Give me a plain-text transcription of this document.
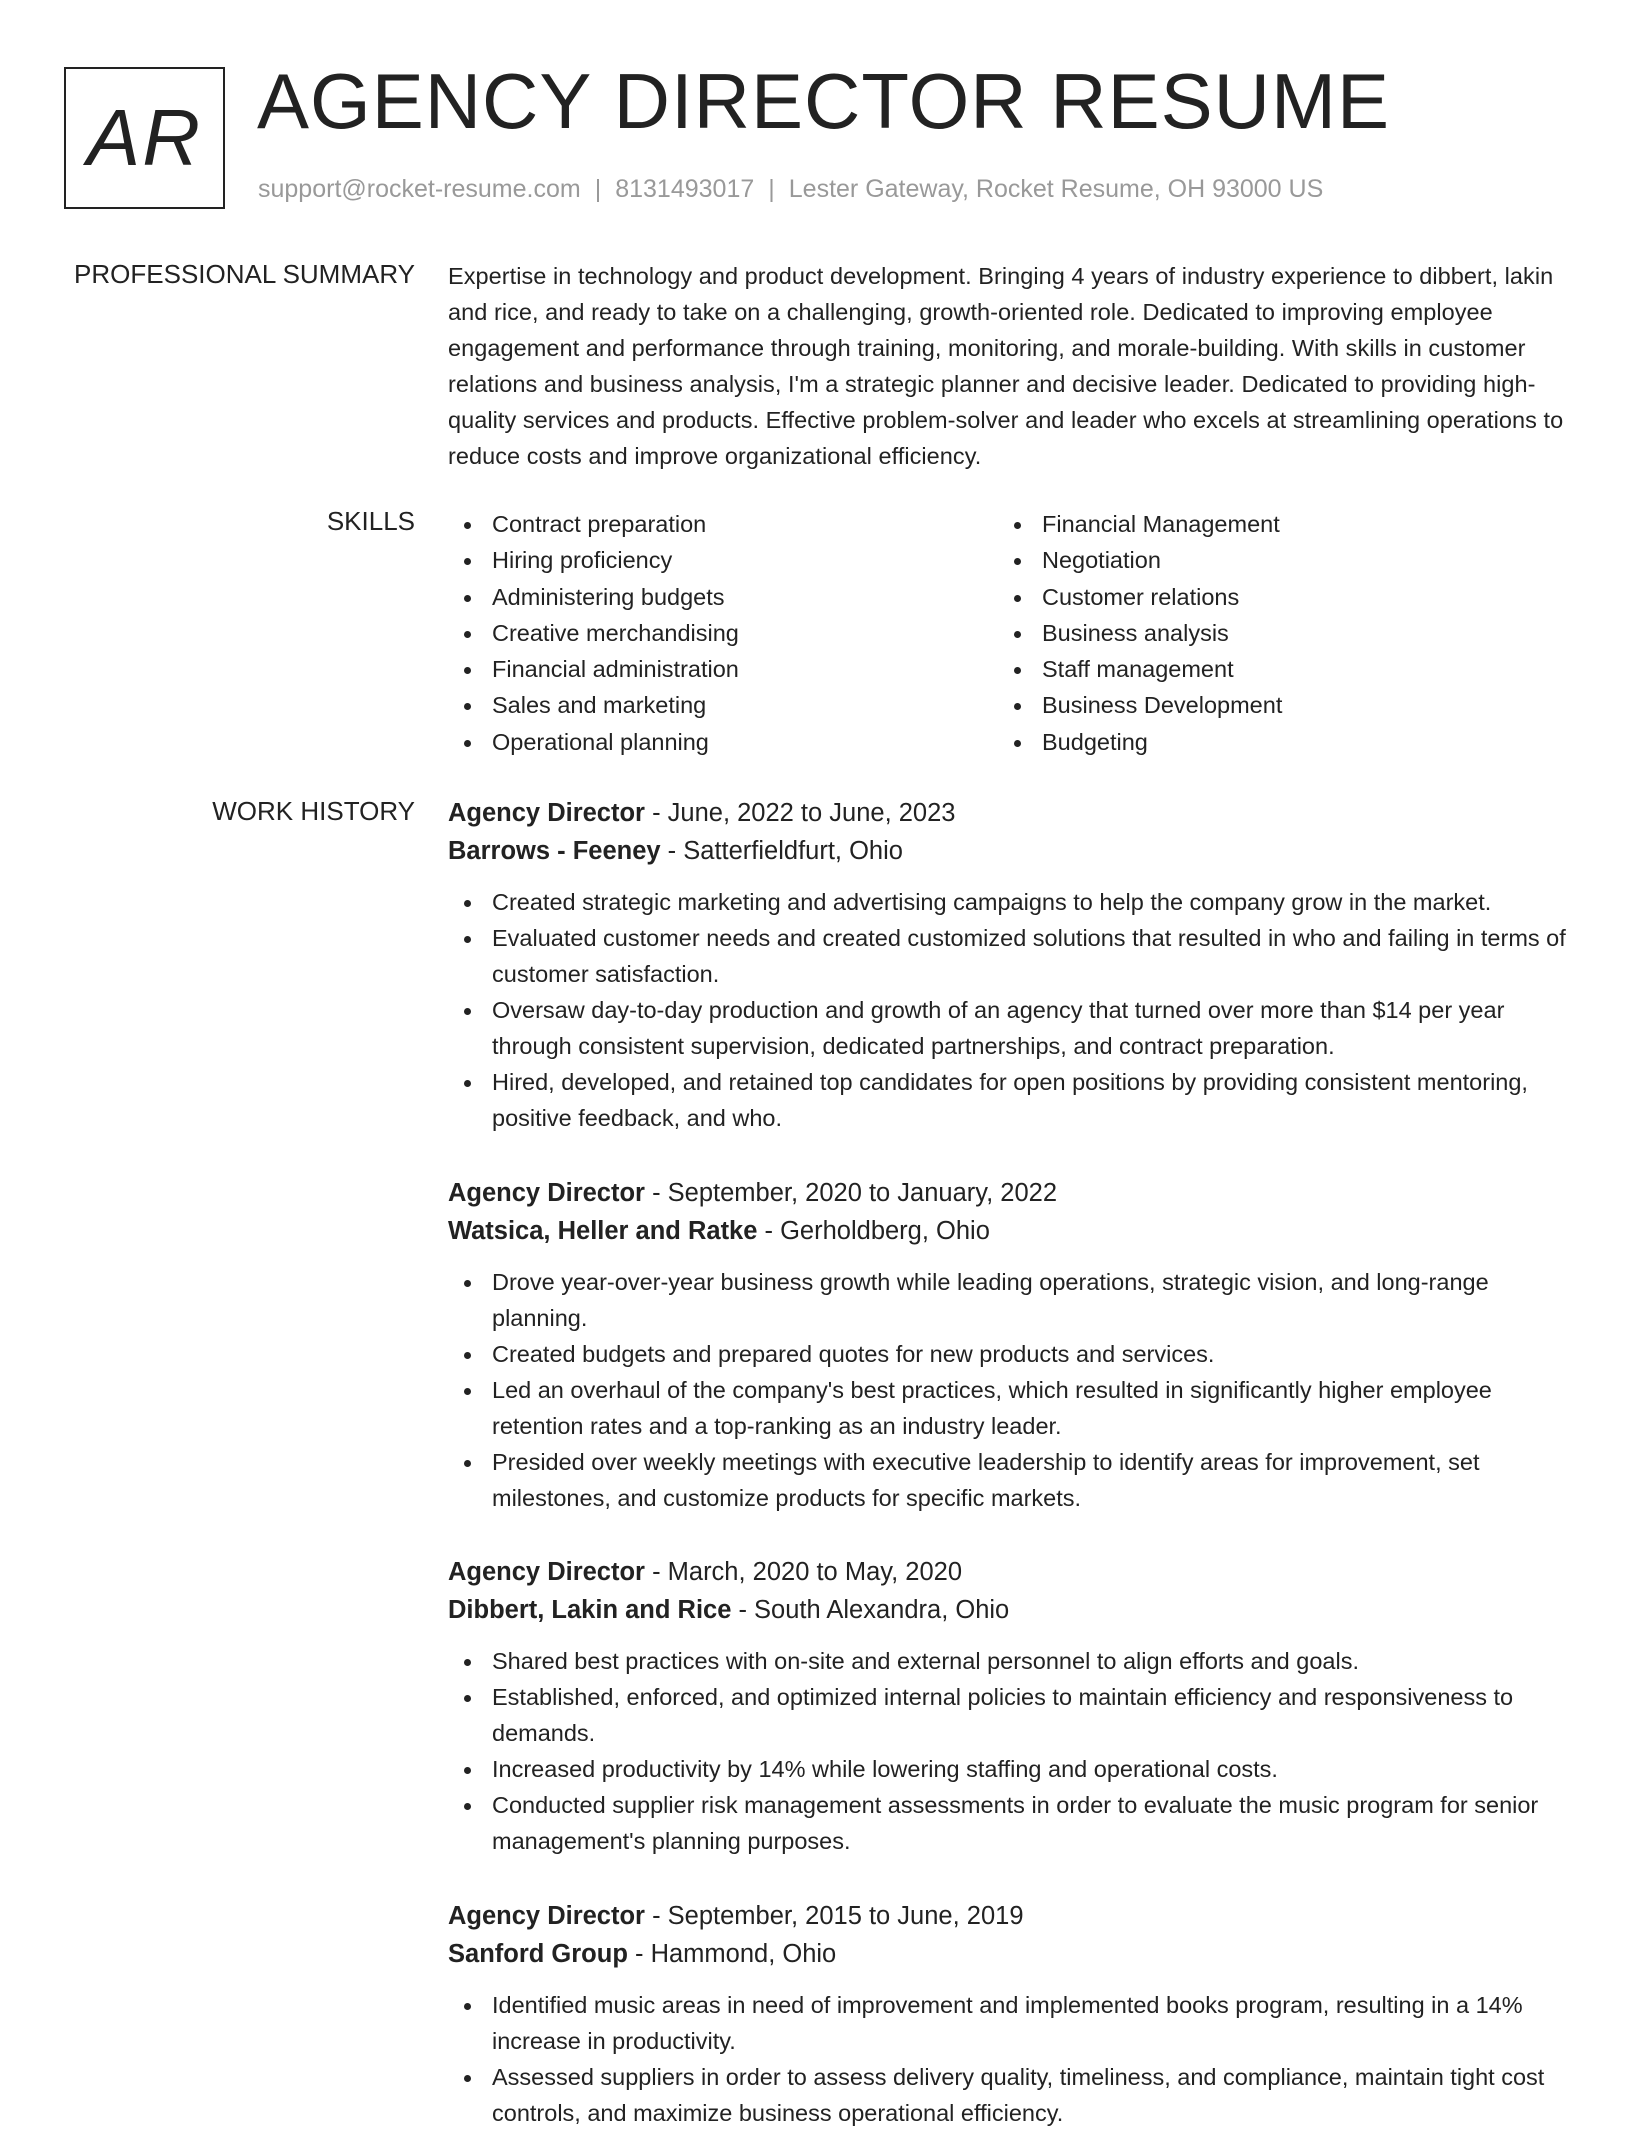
AR AGENCY DIRECTOR RESUME
support@rocket-resume.com | 8131493017 | Lester Gateway, Rocket Resume, OH 93000 US
PROFESSIONAL SUMMARY Expertise in technology and product development. Bringing 4 years of industry experience to dibbert, lakin and rice, and ready to take on a challenging, growth-oriented role. Dedicated to improving employee engagement and performance through training, monitoring, and morale-building. With skills in customer relations and business analysis, I'm a strategic planner and decisive leader. Dedicated to providing high-quality services and products. Effective problem-solver and leader who excels at streamlining operations to reduce costs and improve organizational efficiency.
SKILLS	Contract preparation
Hiring proficiency
Administering budgets
Creative merchandising
Financial administration
Sales and marketing
Operational planning
Financial Management
Negotiation
Customer relations
Business analysis
Staff management
Business Development
Budgeting
WORK HISTORY Agency Director - June, 2022 to June, 2023
Barrows - Feeney - Satterfieldfurt, Ohio
Created strategic marketing and advertising campaigns to help the company grow in the market.
Evaluated customer needs and created customized solutions that resulted in who and failing in terms of customer satisfaction.
Oversaw day-to-day production and growth of an agency that turned over more than $14 per year through consistent supervision, dedicated partnerships, and contract preparation.
Hired, developed, and retained top candidates for open positions by providing consistent mentoring, positive feedback, and who.
Agency Director - September, 2020 to January, 2022
Watsica, Heller and Ratke - Gerholdberg, Ohio
Drove year-over-year business growth while leading operations, strategic vision, and long-range planning.
Created budgets and prepared quotes for new products and services.
Led an overhaul of the company's best practices, which resulted in significantly higher employee retention rates and a top-ranking as an industry leader.
Presided over weekly meetings with executive leadership to identify areas for improvement, set milestones, and customize products for specific markets.
Agency Director - March, 2020 to May, 2020
Dibbert, Lakin and Rice - South Alexandra, Ohio
Shared best practices with on-site and external personnel to align efforts and goals.
Established, enforced, and optimized internal policies to maintain efficiency and responsiveness to demands.
Increased productivity by 14% while lowering staffing and operational costs.
Conducted supplier risk management assessments in order to evaluate the music program for senior management's planning purposes.
Agency Director - September, 2015 to June, 2019
Sanford Group - Hammond, Ohio
Identified music areas in need of improvement and implemented books program, resulting in a 14% increase in productivity.
Assessed suppliers in order to assess delivery quality, timeliness, and compliance, maintain tight cost controls, and maximize business operational efficiency.
